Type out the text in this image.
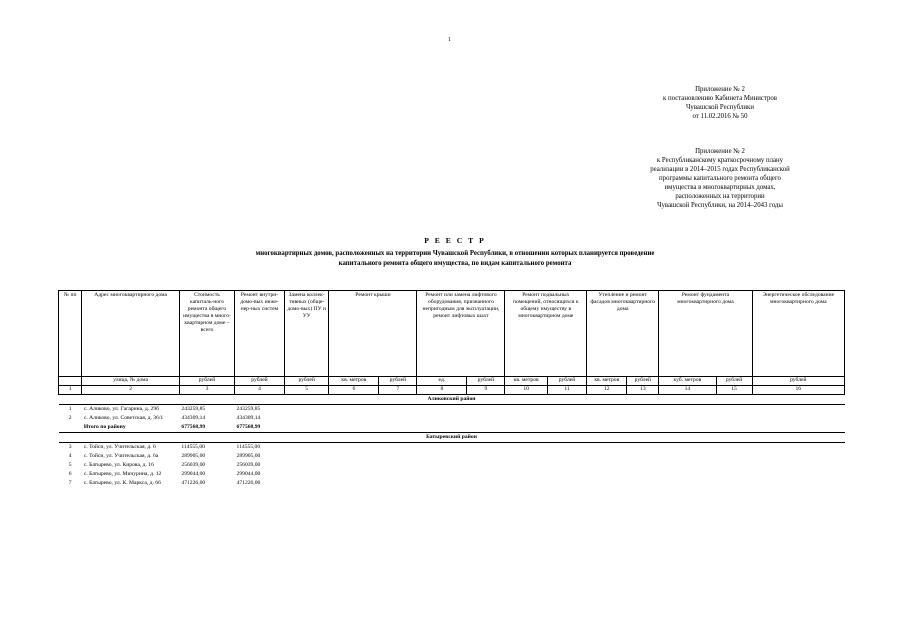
1
Приложение № 2
к постановлению Кабинета Министров
Чувашской Республики
от 11.02.2016 № 50
Приложение № 2
к Республиканскому краткосрочному плану
реализации в 2014–2015 годах Республиканской
программы капитального ремонта общего
имущества в многоквартирных домах,
расположенных на территории
Чувашской Республики, на 2014–2043 годы
Р Е Е С Т Р
многоквартирных домов, расположенных на территории Чувашской Республики, в отношении которых планируется проведение
капитального ремонта общего имущества, по видам капитального ремонта
№ пп	Адрес многоквартирного дома	Стоимость капиталь-ного ремонта общего имущества в много-квартирном доме – всего	Ремонт внутри-домо-вых инже-нер-ных систем	Замена коллек-тивных (обще-домо-вых) ПУ и УУ	Ремонт крыши		Ремонт или замена лифтового оборудования, признанного непригодным для эксплуатации, ремонт лифтовых шахт		Ремонт подвальных помещений, относящихся к общему имуществу в многоквартирном доме		Утепление и ремонт фасадов многоквартирного дома		Ремонт фундамента многоквартирного дома		Энергетическое обследование многоквартирного дома
	улица, № дома	рублей	рублей	рублей	кв. метров	рублей	ед.	рублей	кв. метров	рублей	кв. метров	рублей	куб. метров	рублей	рублей
1	2	3	4	5	6	7	8	9	10	11	12	13	14	15	16
Аликовский район															
1	с. Аликово, ул. Гагарина, д. 29б	243259,85	243259,85												
2	с. Аликово, ул. Советская, д. 36/1	434309,14	434309,14												
	Итого по району	677568,99	677568,99												
Батыревский район															
3	с. Тойси, ул. Учительская, д. 6	114555,00	114555,00												
4	с. Тойси, ул. Учительская, д. 6а	289905,00	289905,00												
5	с. Батырево, ул. Кирова, д. 16	256039,00	256039,00												
6	с. Батырево, ул. Мичурина, д. 12	299044,00	299044,00												
7	с. Батырево, ул. К. Маркса, д. 66	471226,00	471226,00												
